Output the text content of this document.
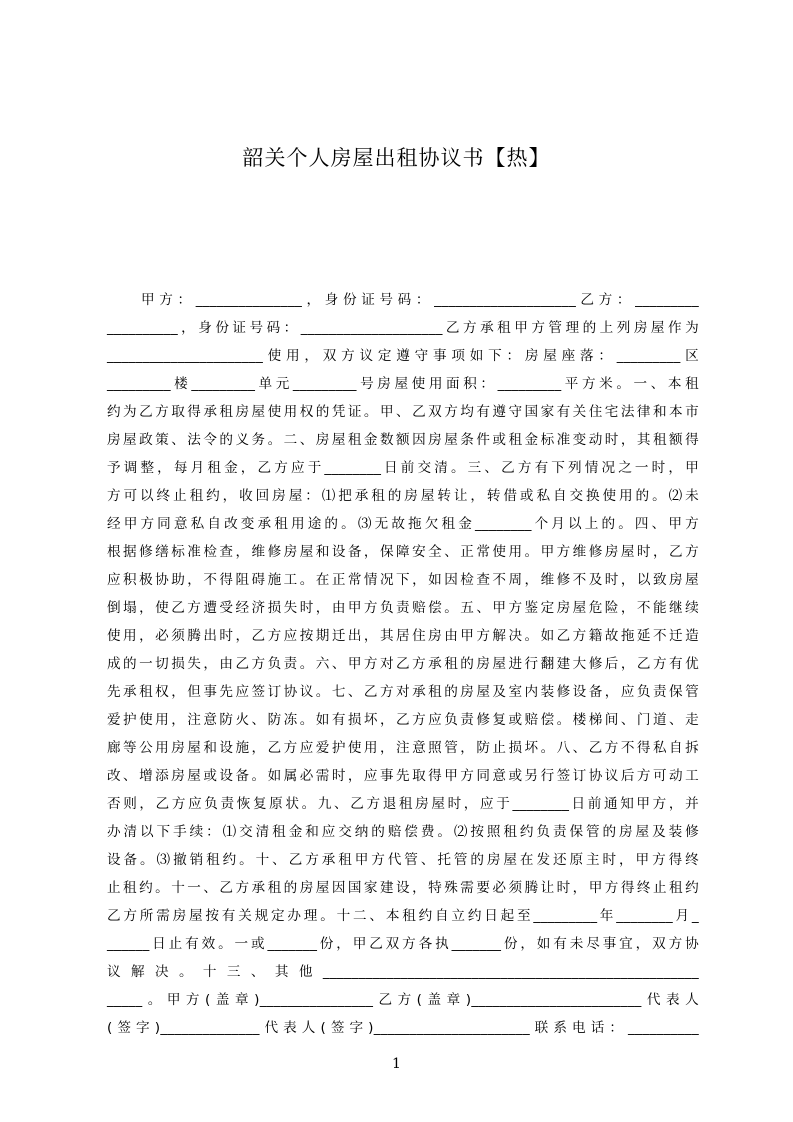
韶关个人房屋出租协议书【热】
甲方：_______________，身份证号码：____________________乙方：_________
__________，身份证号码：____________________乙方承租甲方管理的上列房屋作为
______________________使用，双方议定遵守事项如下：房屋座落：_________区
_________楼_________单元_________号房屋使用面积：_________平方米。一、本租
约为乙方取得承租房屋使用权的凭证。甲、乙双方均有遵守国家有关住宅法律和本市
房屋政策、法令的义务。二、房屋租金数额因房屋条件或租金标准变动时，其租额得
予调整，每月租金，乙方应于________日前交清。三、乙方有下列情况之一时，甲
方可以终止租约，收回房屋：⑴把承租的房屋转让，转借或私自交换使用的。⑵未
经甲方同意私自改变承租用途的。⑶无故拖欠租金________个月以上的。四、甲方
根据修缮标准检查，维修房屋和设备，保障安全、正常使用。甲方维修房屋时，乙方
应积极协助，不得阻碍施工。在正常情况下，如因检查不周，维修不及时，以致房屋
倒塌，使乙方遭受经济损失时，由甲方负责赔偿。五、甲方鉴定房屋危险，不能继续
使用，必须腾出时，乙方应按期迁出，其居住房由甲方解决。如乙方籍故拖延不迁造
成的一切损失，由乙方负责。六、甲方对乙方承租的房屋进行翻建大修后，乙方有优
先承租权，但事先应签订协议。七、乙方对承租的房屋及室内装修设备，应负责保管
爱护使用，注意防火、防冻。如有损坏，乙方应负责修复或赔偿。楼梯间、门道、走
廊等公用房屋和设施，乙方应爱护使用，注意照管，防止损坏。八、乙方不得私自拆
改、增添房屋或设备。如属必需时，应事先取得甲方同意或另行签订协议后方可动工
否则，乙方应负责恢复原状。九、乙方退租房屋时，应于________日前通知甲方，并
办清以下手续：⑴交清租金和应交纳的赔偿费。⑵按照租约负责保管的房屋及装修
设备。⑶撤销租约。十、乙方承租甲方代管、托管的房屋在发还原主时，甲方得终
止租约。十一、乙方承租的房屋因国家建设，特殊需要必须腾让时，甲方得终止租约
乙方所需房屋按有关规定办理。十二、本租约自立约日起至_________年________月_
______日止有效。一或_______份，甲乙双方各执_______份，如有未尽事宜，双方协
议解决。十三、其他_____________________________________________________
_____。甲方(盖章)________________乙方(盖章)________________________代表人
(签字)______________代表人(签字)______________________联系电话：__________
1
